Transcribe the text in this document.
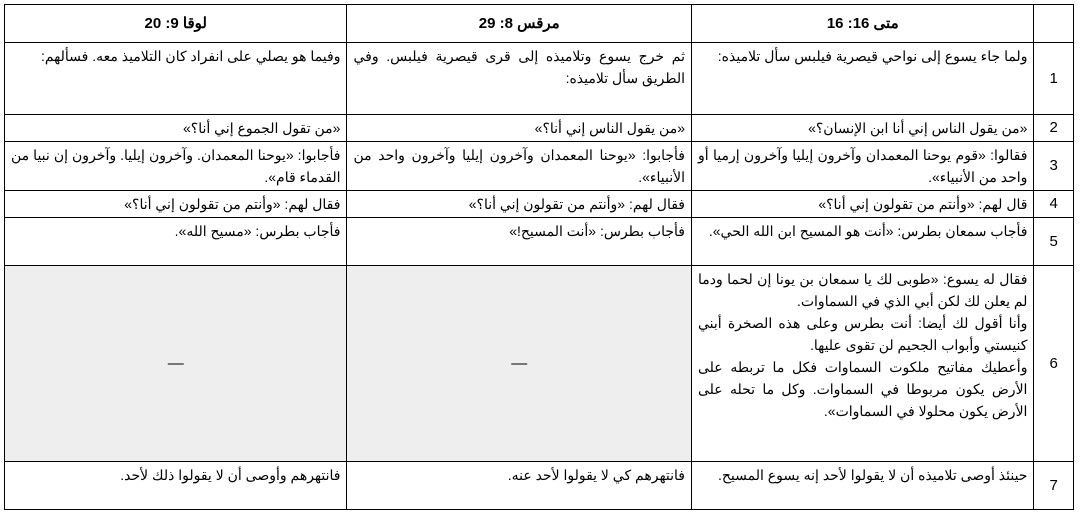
	متى 16: 16	مرقس 8: 29	لوقا 9: 20
1	ولما جاء يسوع إلى نواحي قيصرية فيلبس سأل تلاميذه:	ثم خرج يسوع وتلاميذه إلى قرى قيصرية فيلبس. وفي الطريق سأل تلاميذه:	وفيما هو يصلي على انفراد كان التلاميذ معه. فسألهم:
2	«من يقول الناس إني أنا ابن الإنسان؟»	«من يقول الناس إني أنا؟»	«من تقول الجموع إني أنا؟»
3	فقالوا: «قوم يوحنا المعمدان وآخرون إيليا وآخرون إرميا أو واحد من الأنبياء».	فأجابوا: «يوحنا المعمدان وآخرون إيليا وآخرون واحد من الأنبياء».	فأجابوا: «يوحنا المعمدان. وآخرون إيليا. وآخرون إن نبيا من القدماء قام».
4	قال لهم: «وأنتم من تقولون إني أنا؟»	فقال لهم: «وأنتم من تقولون إني أنا؟»	فقال لهم: «وأنتم من تقولون إني أنا؟»
5	فأجاب سمعان بطرس: «أنت هو المسيح ابن الله الحي».	فأجاب بطرس: «أنت المسيح!»	فأجاب بطرس: «مسيح الله».
6	فقال له يسوع: «طوبى لك يا سمعان بن يونا إن لحما ودما لم يعلن لك لكن أبي الذي في السماوات.
وأنا أقول لك أيضا: أنت بطرس وعلى هذه الصخرة أبني كنيستي وأبواب الجحيم لن تقوى عليها.
وأعطيك مفاتيح ملكوت السماوات فكل ما تربطه على الأرض يكون مربوطا في السماوات. وكل ما تحله على الأرض يكون محلولا في السماوات».	—	—
7	حينئذ أوصى تلاميذه أن لا يقولوا لأحد إنه يسوع المسيح.	فانتهرهم كي لا يقولوا لأحد عنه.	فانتهرهم وأوصى أن لا يقولوا ذلك لأحد.
